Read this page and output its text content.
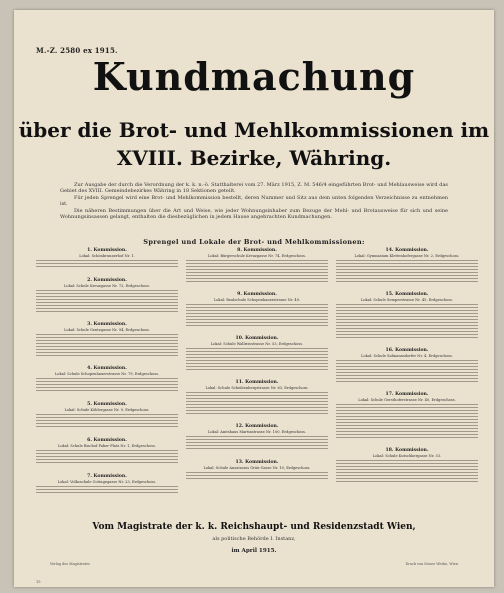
M.-Z. 2580 ex 1915.
Kundmachung
über die Brot- und Mehlkommissionen im
XVIII. Bezirke, Währing.

Zur Ausgabe der durch die Verordnung der k. k. n.-ö. Statthalterei vom 27. März 1915, Z. M. 546/4 eingeführten Brot- und Mehlausweise wird das Gebiet des XVIII. Gemeindebezirkes Währing in 18 Sektionen geteilt.

Für jeden Sprengel wird eine Brot- und Mehlkommission bestellt, deren Nummer und Sitz aus dem unten folgenden Verzeichnisse zu entnehmen ist.

Die näheren Bestimmungen über die Art und Weise, wie jeder Wohnungsinhaber zum Bezuge der Mehl- und Brotausweise für sich und seine Wohnungsinsassen gelangt, enthalten die diesbezüglichen in jedem Hause angebrachten Kundmachungen.

Sprengel und Lokale der Brot- und Mehlkommissionen:
1. Kommission.
Lokal: Schönbrunnerhof Nr. 1.
2. Kommission.
Lokal: Schule Kreuzgasse Nr. 72, Erdgeschoss.
3. Kommission.
Lokal: Schule Gentzgasse Nr. 94, Erdgeschoss.
4. Kommission.
Lokal: Schule Schopenhauerstrasse Nr. 79, Erdgeschoss.
5. Kommission.
Lokal: Schule Köhlergasse Nr. 9, Erdgeschoss.
6. Kommission.
Lokal: Schule Bischof Faber-Platz Nr. 1, Erdgeschoss.
7. Kommission.
Lokal: Volksschule Cottagegasse Nr. 23, Erdgeschoss.
8. Kommission.
Lokal: Bürgerschule Kreuzgasse Nr. 74, Erdgeschoss.
9. Kommission.
Lokal: Realschule Schopenhauerstrasse Nr. 49.
10. Kommission.
Lokal: Schule Wallrissstrasse Nr. 53, Erdgeschoss.
11. Kommission.
Lokal: Schule Scheibenbergstrasse Nr. 63, Erdgeschoss.
12. Kommission.
Lokal: Amtshaus Martinstrasse Nr. 100, Erdgeschoss.
13. Kommission.
Lokal: Schule Anastasius Grün-Gasse Nr. 10, Erdgeschoss.
14. Kommission.
Lokal: Gymnasium Klettenhofergasse Nr. 2, Erdgeschoss.
15. Kommission.
Lokal: Schule Semperstrasse Nr. 45, Erdgeschoss.
16. Kommission.
Lokal: Schule Salmannsdorfer Nr. 4, Erdgeschoss.
17. Kommission.
Lokal: Schule Gersthoferstrasse Nr. 40, Erdgeschoss.
18. Kommission.
Lokal: Schule Kutschkergasse Nr. 33.
Vom Magistrate der k. k. Reichshaupt- und Residenzstadt Wien,
als politische Behörde I. Instanz,
im April 1915.
Verlag des Magistrates	Druck von Moser Werke, Wien
15
